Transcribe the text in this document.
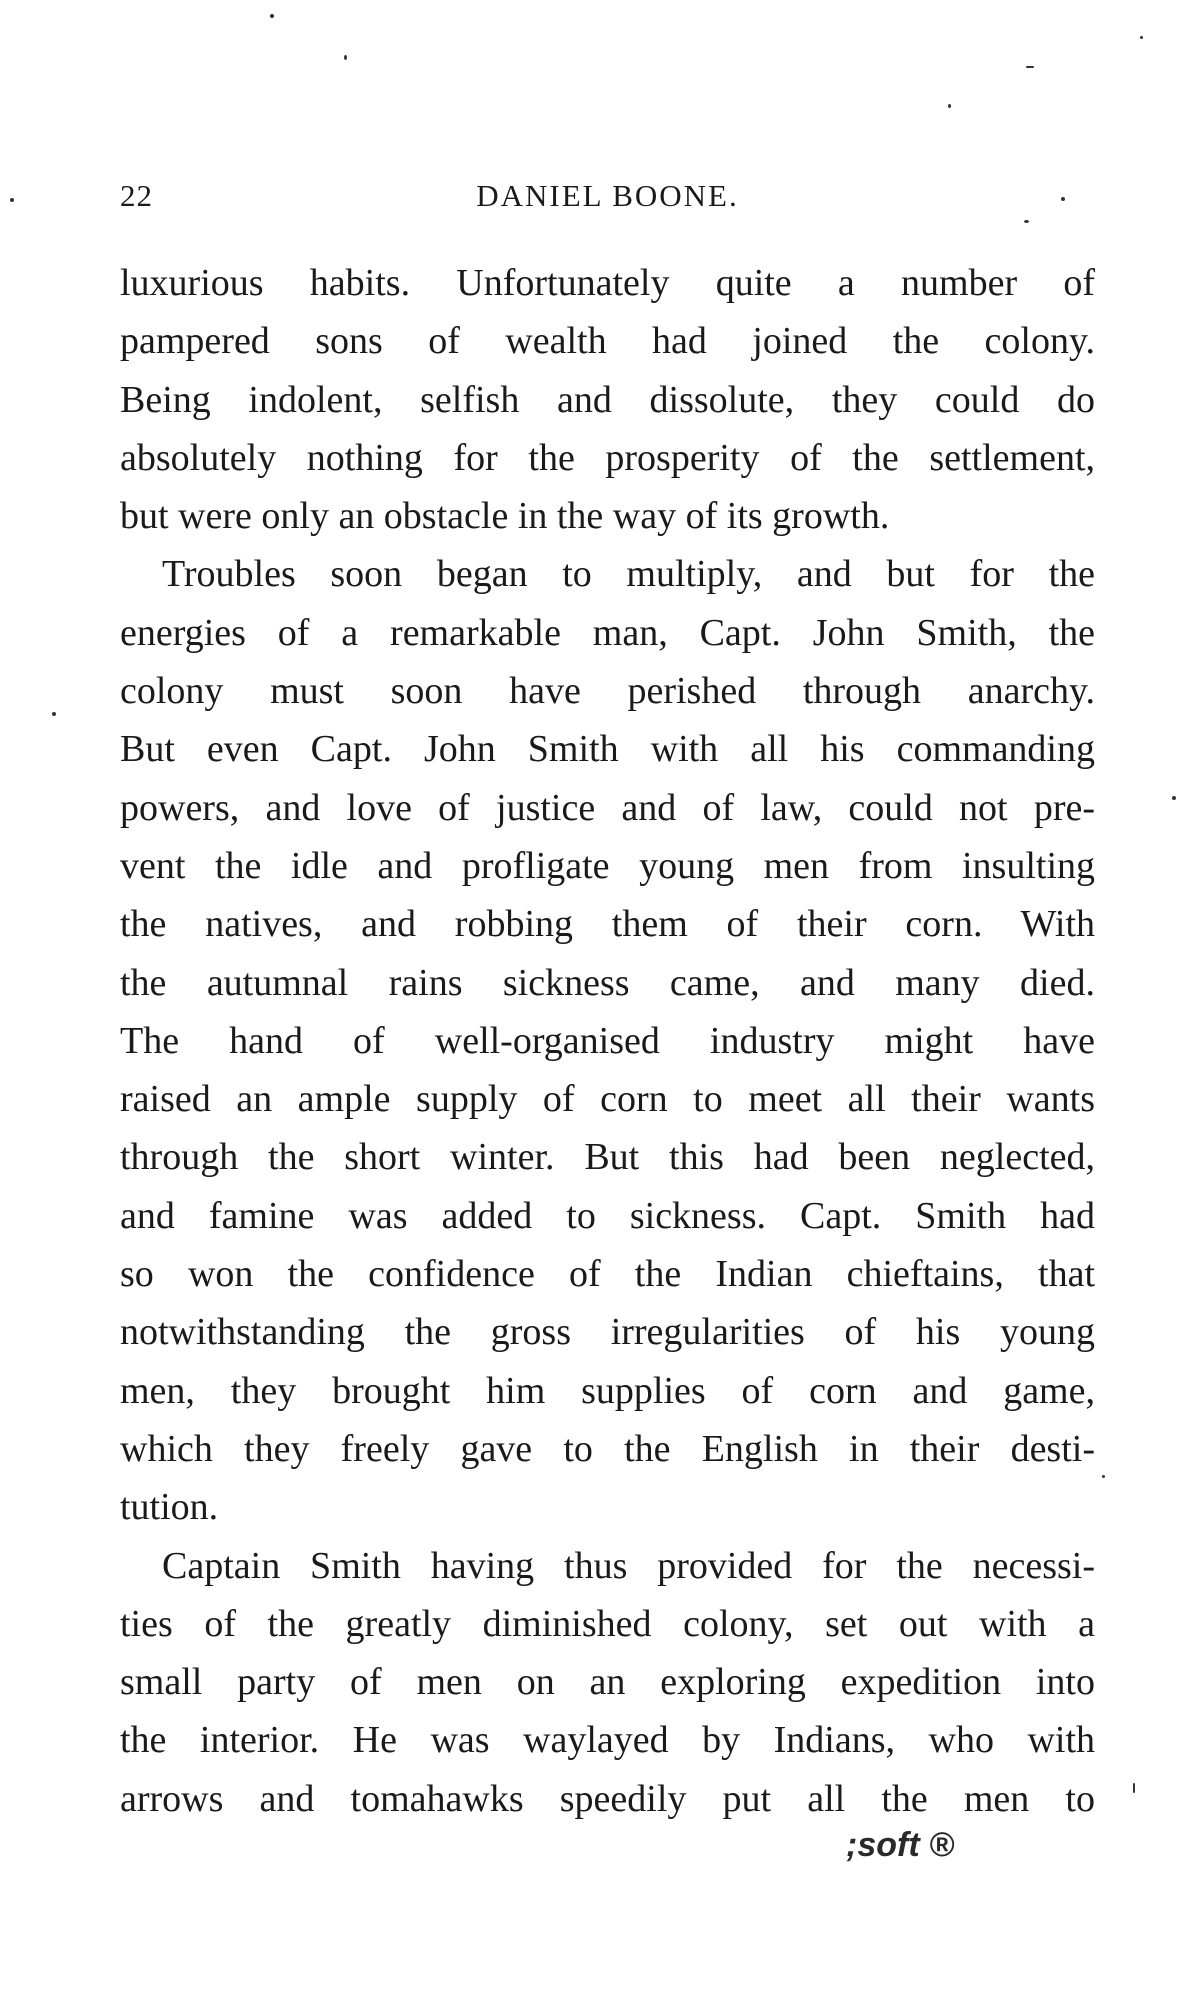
22	DANIEL BOONE.
luxurious habits. Unfortunately quite a number of
pampered sons of wealth had joined the colony.
Being indolent, selfish and dissolute, they could do
absolutely nothing for the prosperity of the settlement,
but were only an obstacle in the way of its growth.
Troubles soon began to multiply, and but for the
energies of a remarkable man, Capt. John Smith, the
colony must soon have perished through anarchy.
But even Capt. John Smith with all his commanding
powers, and love of justice and of law, could not pre-
vent the idle and profligate young men from insulting
the natives, and robbing them of their corn. With
the autumnal rains sickness came, and many died.
The hand of well-organised industry might have
raised an ample supply of corn to meet all their wants
through the short winter. But this had been neglected,
and famine was added to sickness. Capt. Smith had
so won the confidence of the Indian chieftains, that
notwithstanding the gross irregularities of his young
men, they brought him supplies of corn and game,
which they freely gave to the English in their desti-
tution.
Captain Smith having thus provided for the necessi-
ties of the greatly diminished colony, set out with a
small party of men on an exploring expedition into
the interior. He was waylayed by Indians, who with
arrows and tomahawks speedily put all the men to
;soft ®
